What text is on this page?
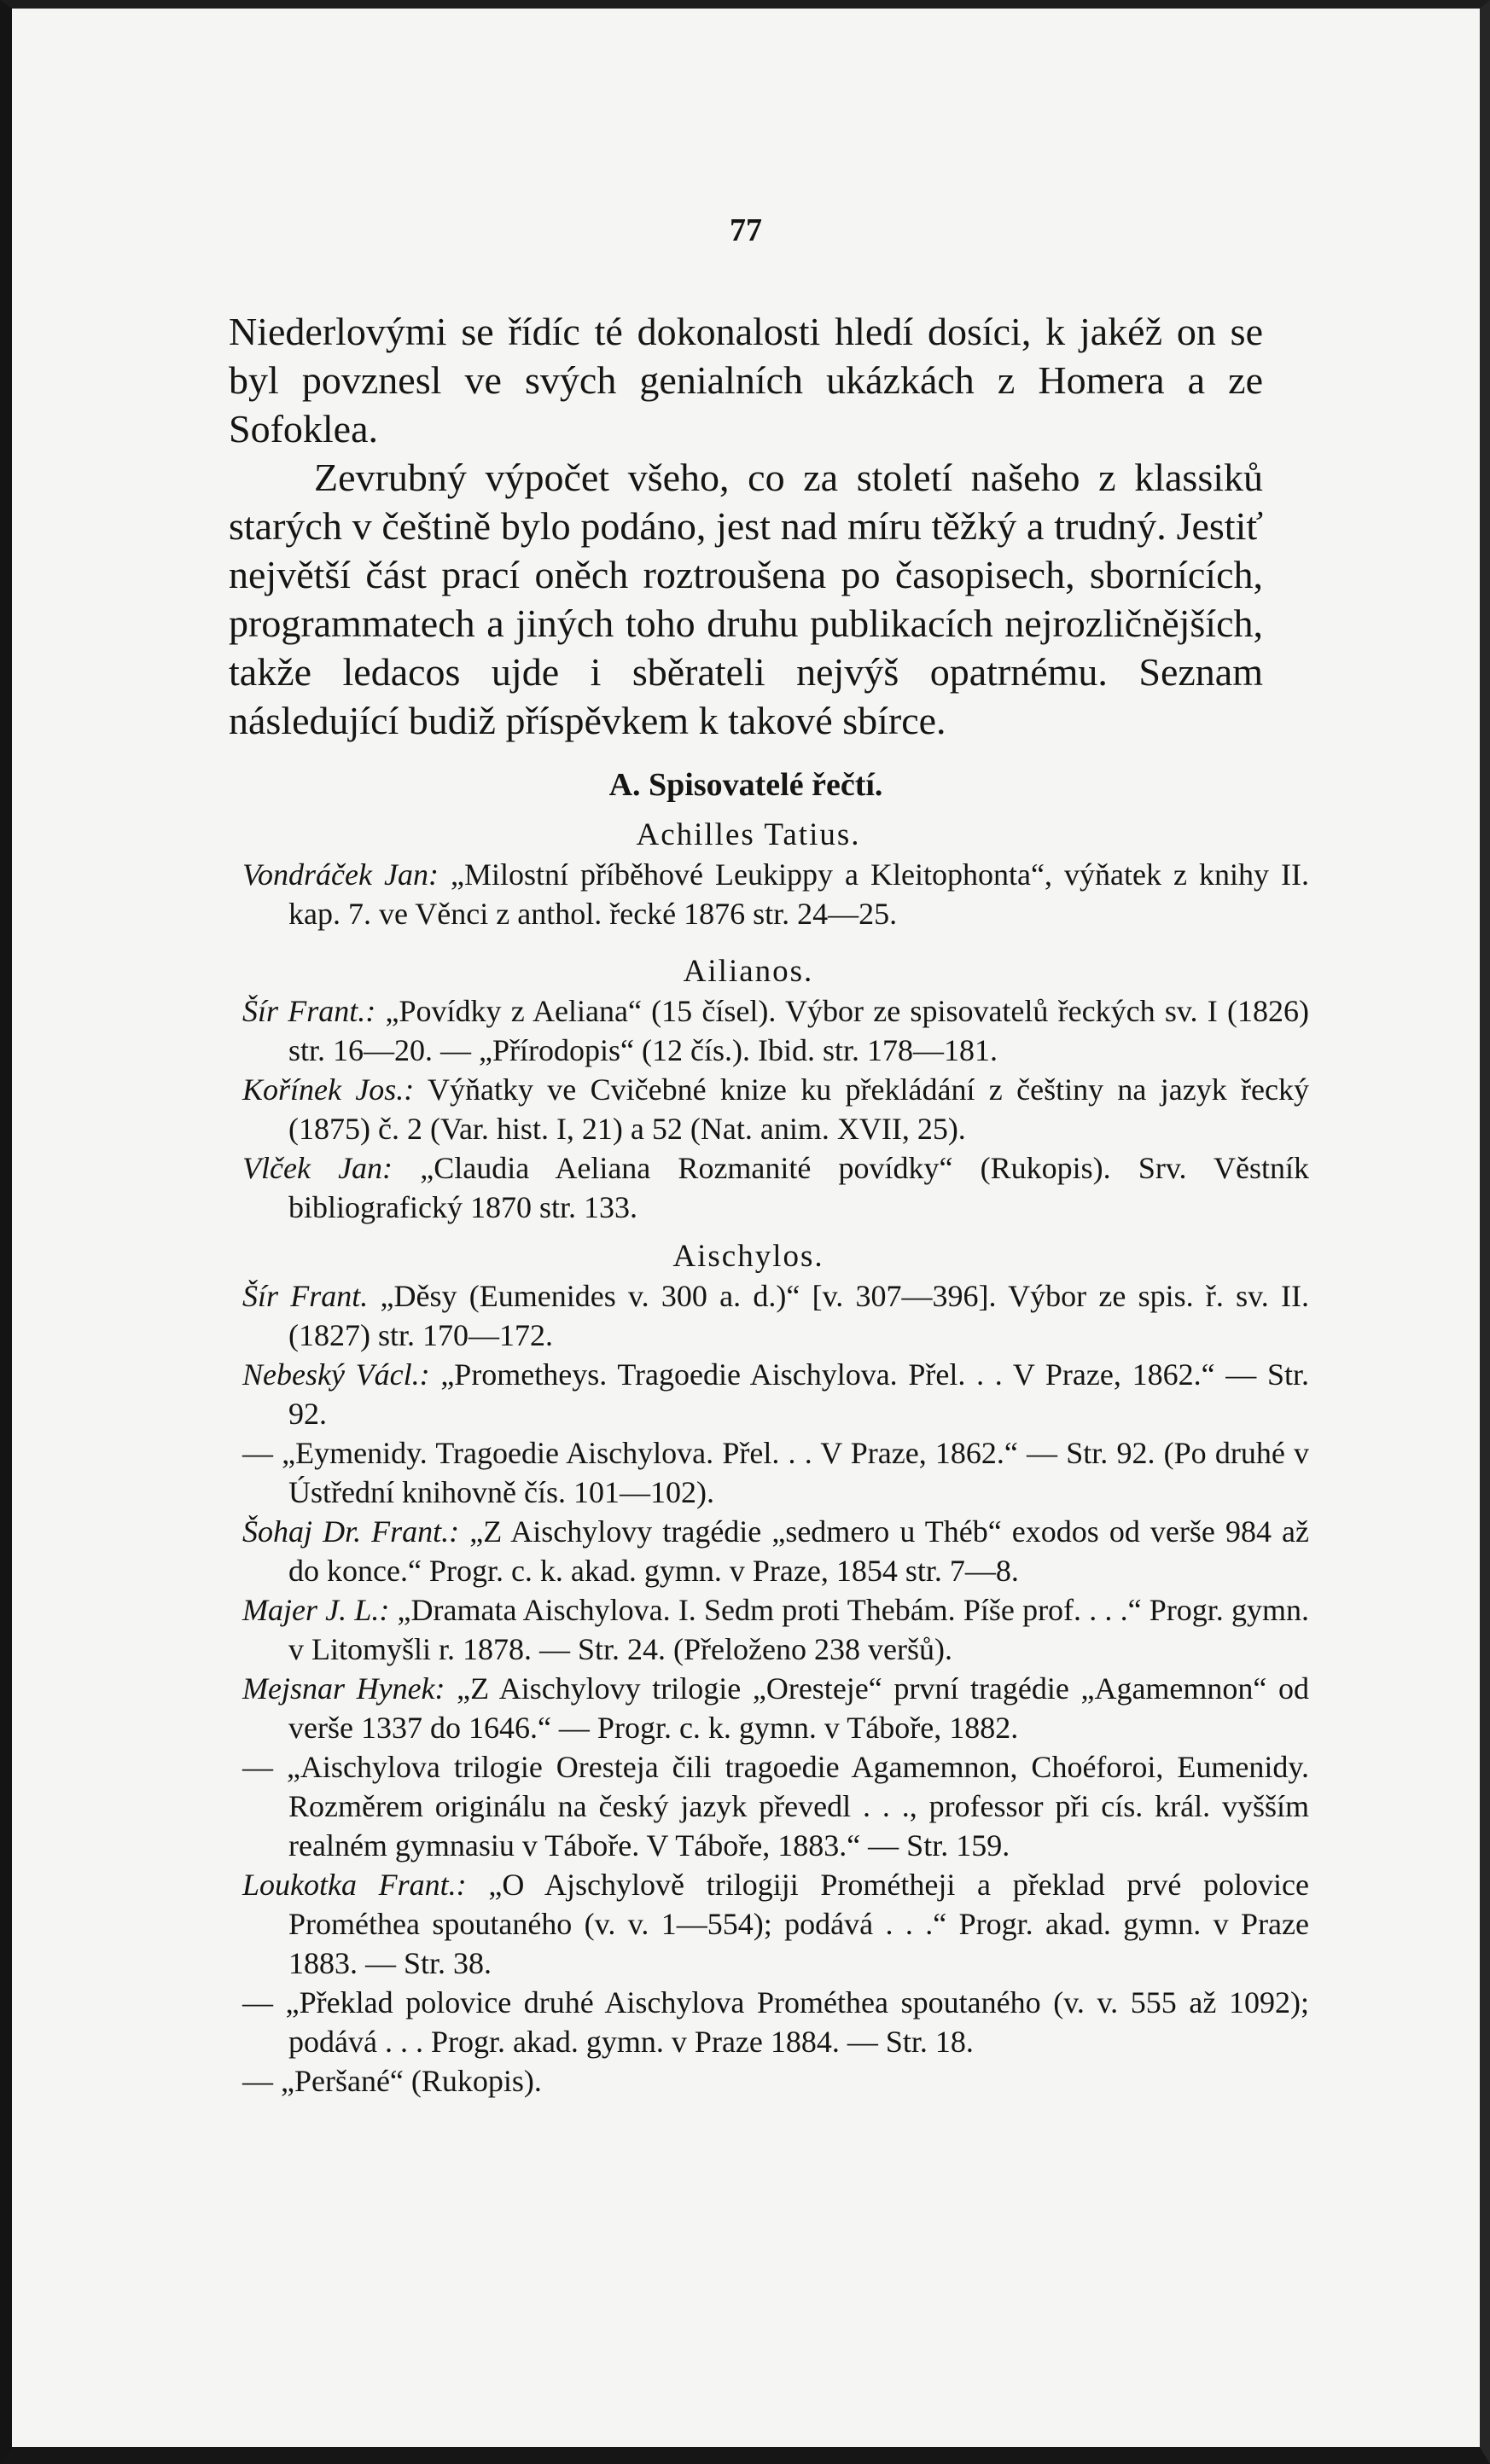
77

Niederlovými se řídíc té dokonalosti hledí dosíci, k jakéž on se byl povznesl ve svých genialních ukázkách z Homera a ze Sofoklea.

Zevrubný výpočet všeho, co za století našeho z klassiků starých v češtině bylo podáno, jest nad míru těžký a trudný. Jestiť největší část prací oněch roztroušena po časopisech, sbornících, programmatech a jiných toho druhu publikacích nejrozličnějších, takže ledacos ujde i sběrateli nejvýš opatrnému. Seznam následující budiž příspěvkem k takové sbírce.

A. Spisovatelé řečtí.
Achilles Tatius.
Vondráček Jan: „Milostní příběhové Leukippy a Kleitophonta“, výňatek z knihy II. kap. 7. ve Věnci z anthol. řecké 1876 str. 24—25.
Ailianos.
Šír Frant.: „Povídky z Aeliana“ (15 čísel). Výbor ze spisovatelů řeckých sv. I (1826) str. 16—20. — „Přírodopis“ (12 čís.). Ibid. str. 178—181.
Kořínek Jos.: Výňatky ve Cvičebné knize ku překládání z češtiny na jazyk řecký (1875) č. 2 (Var. hist. I, 21) a 52 (Nat. anim. XVII, 25).
Vlček Jan: „Claudia Aeliana Rozmanité povídky“ (Rukopis). Srv. Věstník bibliografický 1870 str. 133.
Aischylos.
Šír Frant. „Děsy (Eumenides v. 300 a. d.)“ [v. 307—396]. Výbor ze spis. ř. sv. II. (1827) str. 170—172.
Nebeský Václ.: „Prometheys. Tragoedie Aischylova. Přel. . . V Praze, 1862.“ — Str. 92.
— „Eymenidy. Tragoedie Aischylova. Přel. . . V Praze, 1862.“ — Str. 92. (Po druhé v Ústřední knihovně čís. 101—102).
Šohaj Dr. Frant.: „Z Aischylovy tragédie „sedmero u Théb“ exodos od verše 984 až do konce.“ Progr. c. k. akad. gymn. v Praze, 1854 str. 7—8.
Majer J. L.: „Dramata Aischylova. I. Sedm proti Thebám. Píše prof. . . .“ Progr. gymn. v Litomyšli r. 1878. — Str. 24. (Přeloženo 238 veršů).
Mejsnar Hynek: „Z Aischylovy trilogie „Oresteje“ první tragédie „Agamemnon“ od verše 1337 do 1646.“ — Progr. c. k. gymn. v Táboře, 1882.
— „Aischylova trilogie Oresteja čili tragoedie Agamemnon, Choéforoi, Eumenidy. Rozměrem originálu na český jazyk převedl . . ., professor při cís. král. vyšším realném gymnasiu v Táboře. V Táboře, 1883.“ — Str. 159.
Loukotka Frant.: „O Ajschylově trilogiji Prométheji a překlad prvé polovice Prométhea spoutaného (v. v. 1—554); podává . . .“ Progr. akad. gymn. v Praze 1883. — Str. 38.
— „Překlad polovice druhé Aischylova Prométhea spoutaného (v. v. 555 až 1092); podává . . . Progr. akad. gymn. v Praze 1884. — Str. 18.
— „Peršané“ (Rukopis).
